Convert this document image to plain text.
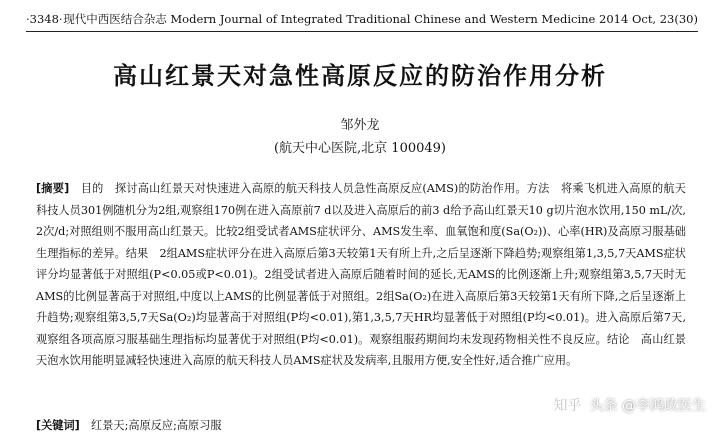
·3348· 现代中西医结合杂志 Modern Journal of Integrated Traditional Chinese and Western Medicine 2014 Oct, 23(30)
高山红景天对急性高原反应的防治作用分析
邹外龙
(航天中心医院,北京 100049)
[摘要]　 目的　探讨高山红景天对快速进入高原的航天科技人员急性高原反应(AMS)的防治作用。方法　将乘飞机进入高原的航天科技人员301例随机分为2组,观察组170例在进入高原前7 d以及进入高原后的前3 d给予高山红景天10 g切片泡水饮用,150 mL/次,2次/d;对照组则不服用高山红景天。比较2组受试者AMS症状评分、AMS发生率、血氧饱和度(Sa(O₂))、心率(HR)及高原习服基础生理指标的差异。结果　2组AMS症状评分在进入高原后第3天较第1天有所上升,之后呈逐渐下降趋势;观察组第1,3,5,7天AMS症状评分均显著低于对照组(P<0.05或P<0.01)。2组受试者进入高原后随着时间的延长,无AMS的比例逐渐上升;观察组第3,5,7天时无AMS的比例显著高于对照组,中度以上AMS的比例显著低于对照组。2组Sa(O₂)在进入高原后第3天较第1天有所下降,之后呈逐渐上升趋势;观察组第3,5,7天Sa(O₂)均显著高于对照组(P均<0.01),第1,3,5,7天HR均显著低于对照组(P均<0.01)。进入高原后第7天,观察组各项高原习服基础生理指标均显著优于对照组(P均<0.01)。观察组服药期间均未发现药物相关性不良反应。结论　高山红景天泡水饮用能明显减轻快速进入高原的航天科技人员AMS症状及发病率,且服用方便,安全性好,适合推广应用。
[关键词]　 红景天;高原反应;高原习服
知乎 头条 @李鸿政医生
